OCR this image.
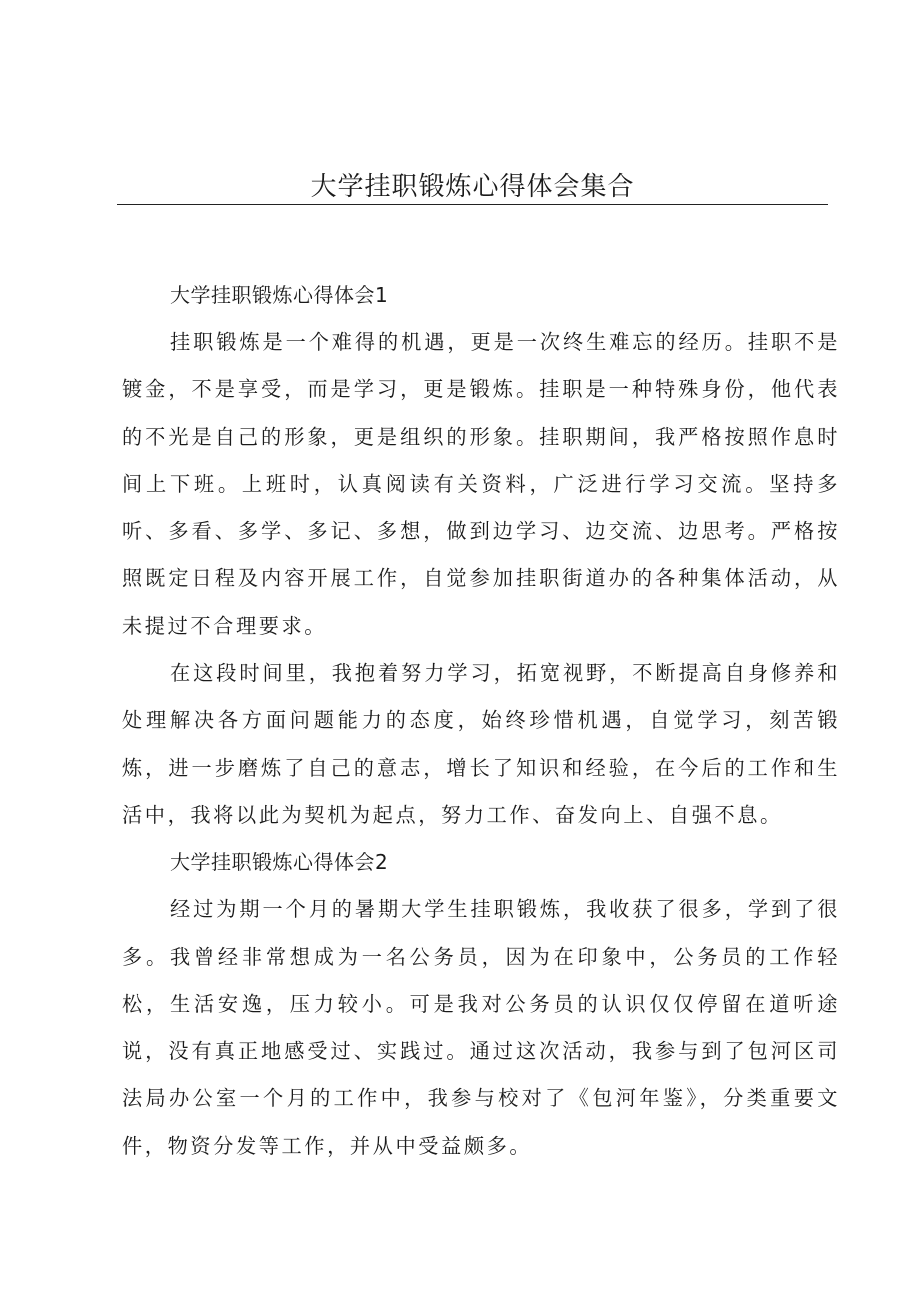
大学挂职锻炼心得体会集合
大学挂职锻炼心得体会1

挂职锻炼是一个难得的机遇，更是一次终生难忘的经历。挂职不是镀金，不是享受，而是学习，更是锻炼。挂职是一种特殊身份，他代表的不光是自己的形象，更是组织的形象。挂职期间，我严格按照作息时间上下班。上班时，认真阅读有关资料，广泛进行学习交流。坚持多听、多看、多学、多记、多想，做到边学习、边交流、边思考。严格按照既定日程及内容开展工作，自觉参加挂职街道办的各种集体活动，从未提过不合理要求。

在这段时间里，我抱着努力学习，拓宽视野，不断提高自身修养和处理解决各方面问题能力的态度，始终珍惜机遇，自觉学习，刻苦锻炼，进一步磨炼了自己的意志，增长了知识和经验，在今后的工作和生活中，我将以此为契机为起点，努力工作、奋发向上、自强不息。

大学挂职锻炼心得体会2

经过为期一个月的暑期大学生挂职锻炼，我收获了很多，学到了很多。我曾经非常想成为一名公务员，因为在印象中，公务员的工作轻松，生活安逸，压力较小。可是我对公务员的认识仅仅停留在道听途说，没有真正地感受过、实践过。通过这次活动，我参与到了包河区司法局办公室一个月的工作中，我参与校对了《包河年鉴》，分类重要文件，物资分发等工作，并从中受益颇多。
